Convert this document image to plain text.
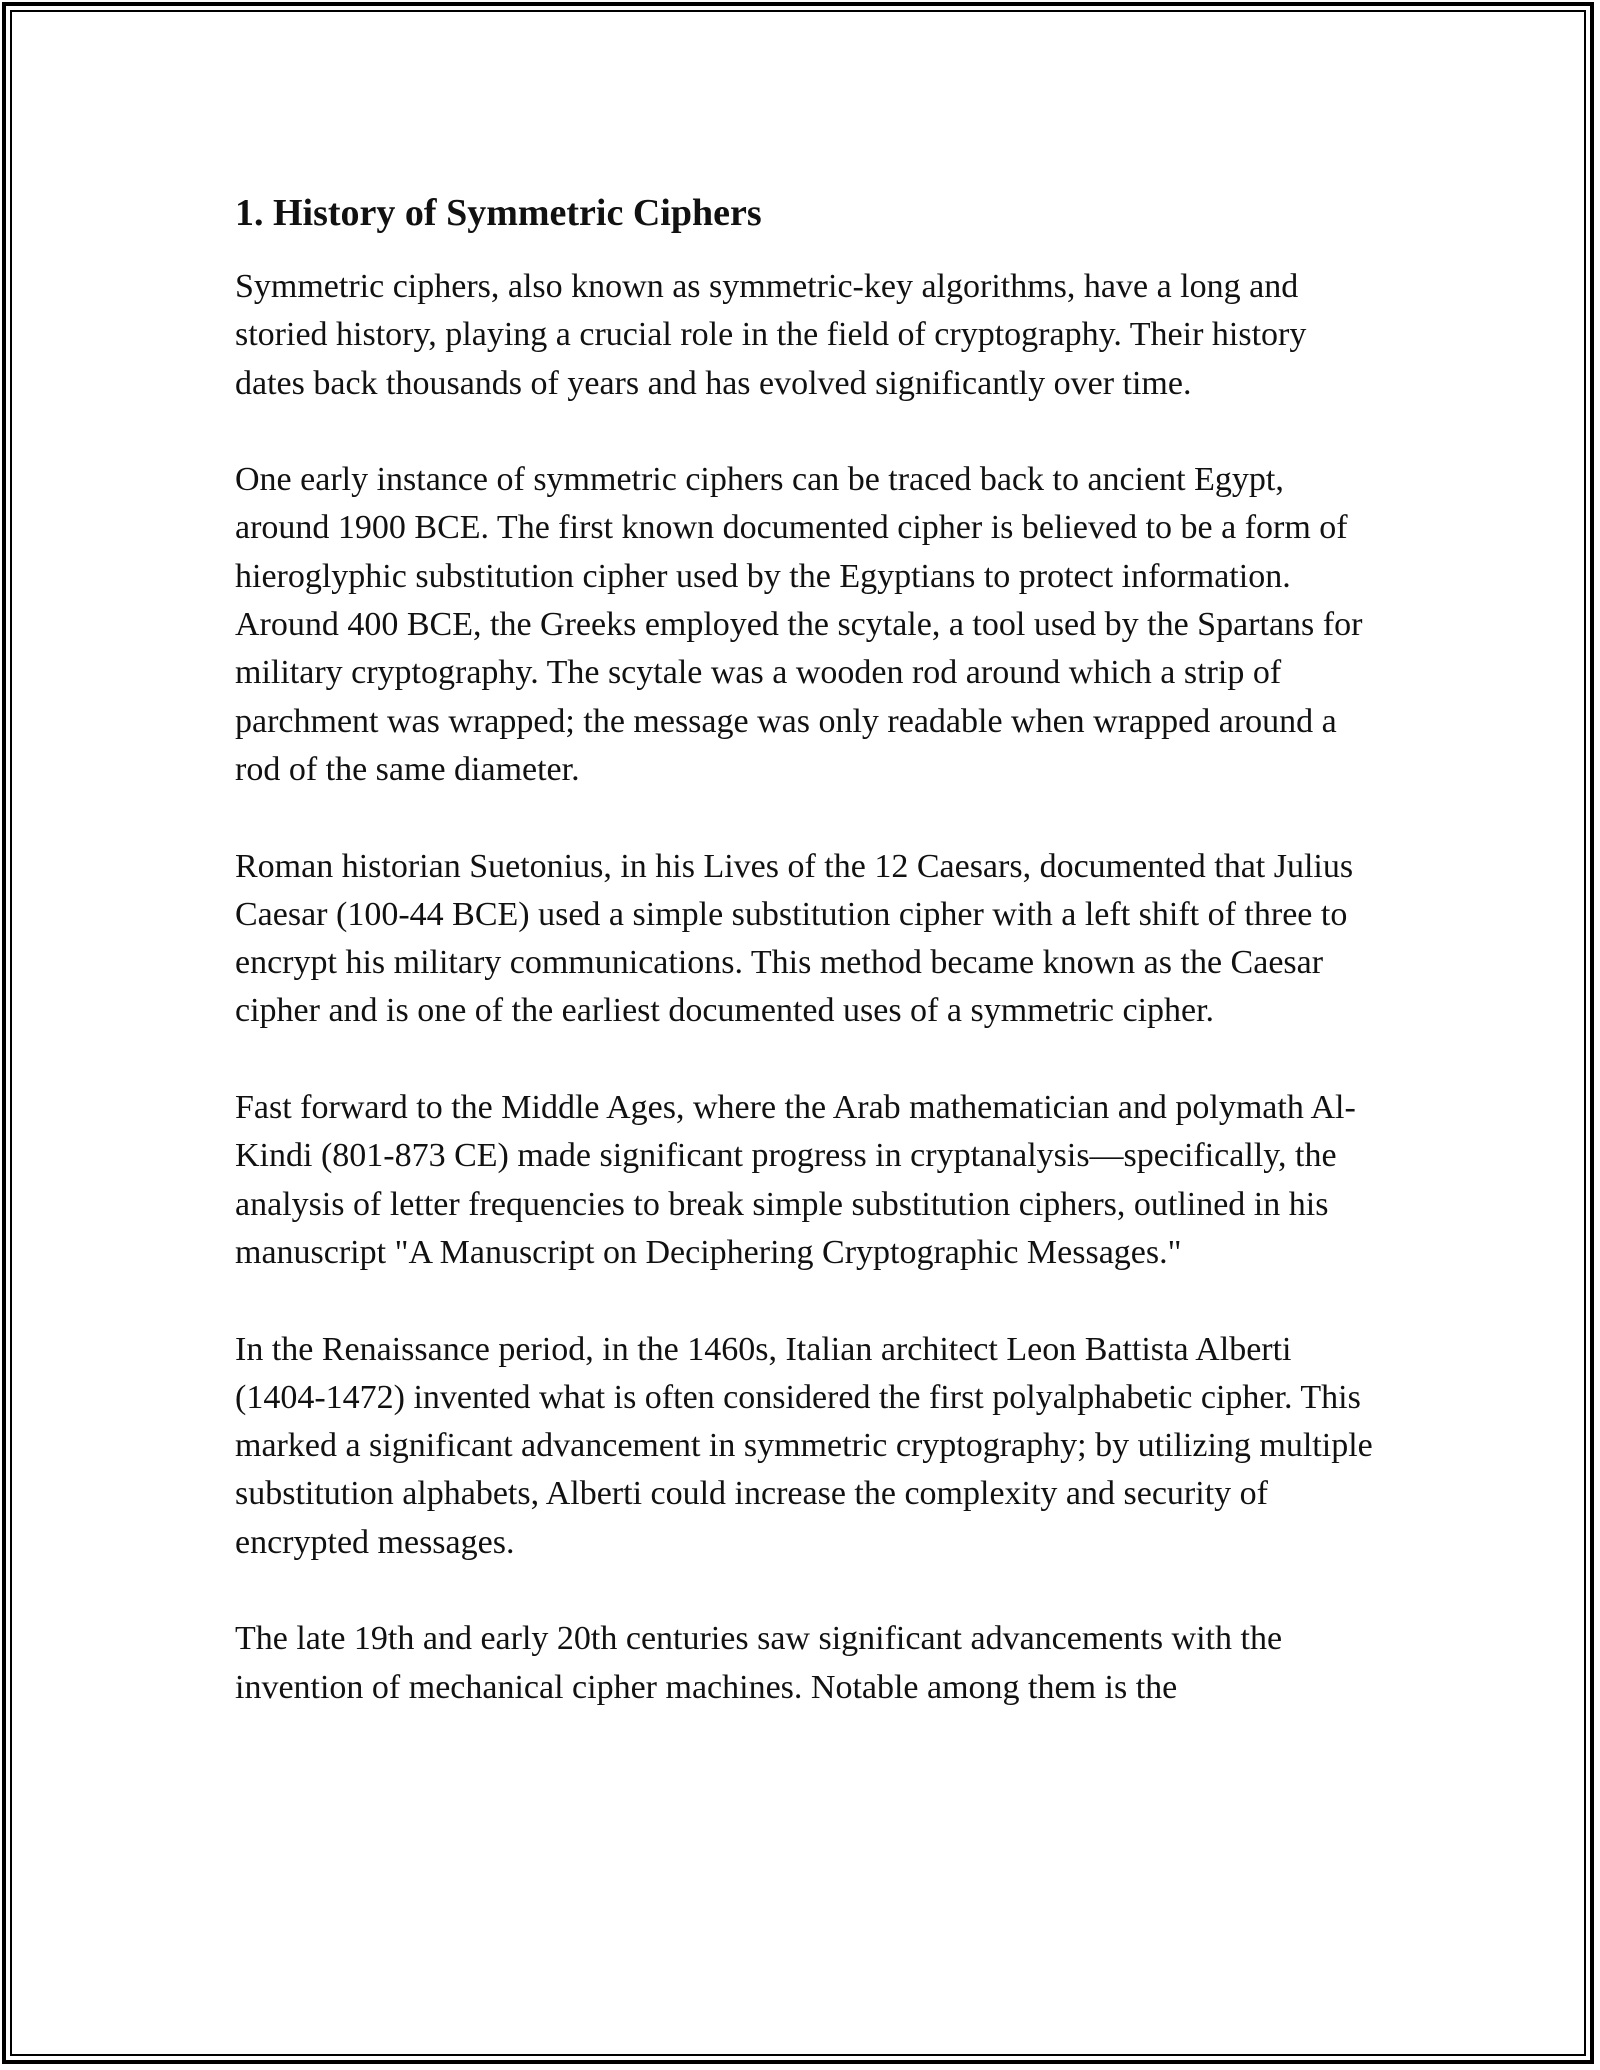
1. History of Symmetric Ciphers

Symmetric ciphers, also known as symmetric-key algorithms, have a long and storied history, playing a crucial role in the field of cryptography. Their history dates back thousands of years and has evolved significantly over time.

One early instance of symmetric ciphers can be traced back to ancient Egypt, around 1900 BCE. The first known documented cipher is believed to be a form of hieroglyphic substitution cipher used by the Egyptians to protect information. Around 400 BCE, the Greeks employed the scytale, a tool used by the Spartans for military cryptography. The scytale was a wooden rod around which a strip of parchment was wrapped; the message was only readable when wrapped around a rod of the same diameter.

Roman historian Suetonius, in his Lives of the 12 Caesars, documented that Julius Caesar (100-44 BCE) used a simple substitution cipher with a left shift of three to encrypt his military communications. This method became known as the Caesar cipher and is one of the earliest documented uses of a symmetric cipher.

Fast forward to the Middle Ages, where the Arab mathematician and polymath Al-Kindi (801-873 CE) made significant progress in cryptanalysis—specifically, the analysis of letter frequencies to break simple substitution ciphers, outlined in his manuscript "A Manuscript on Deciphering Cryptographic Messages."

In the Renaissance period, in the 1460s, Italian architect Leon Battista Alberti (1404-1472) invented what is often considered the first polyalphabetic cipher. This marked a significant advancement in symmetric cryptography; by utilizing multiple substitution alphabets, Alberti could increase the complexity and security of encrypted messages.

The late 19th and early 20th centuries saw significant advancements with the invention of mechanical cipher machines. Notable among them is the
